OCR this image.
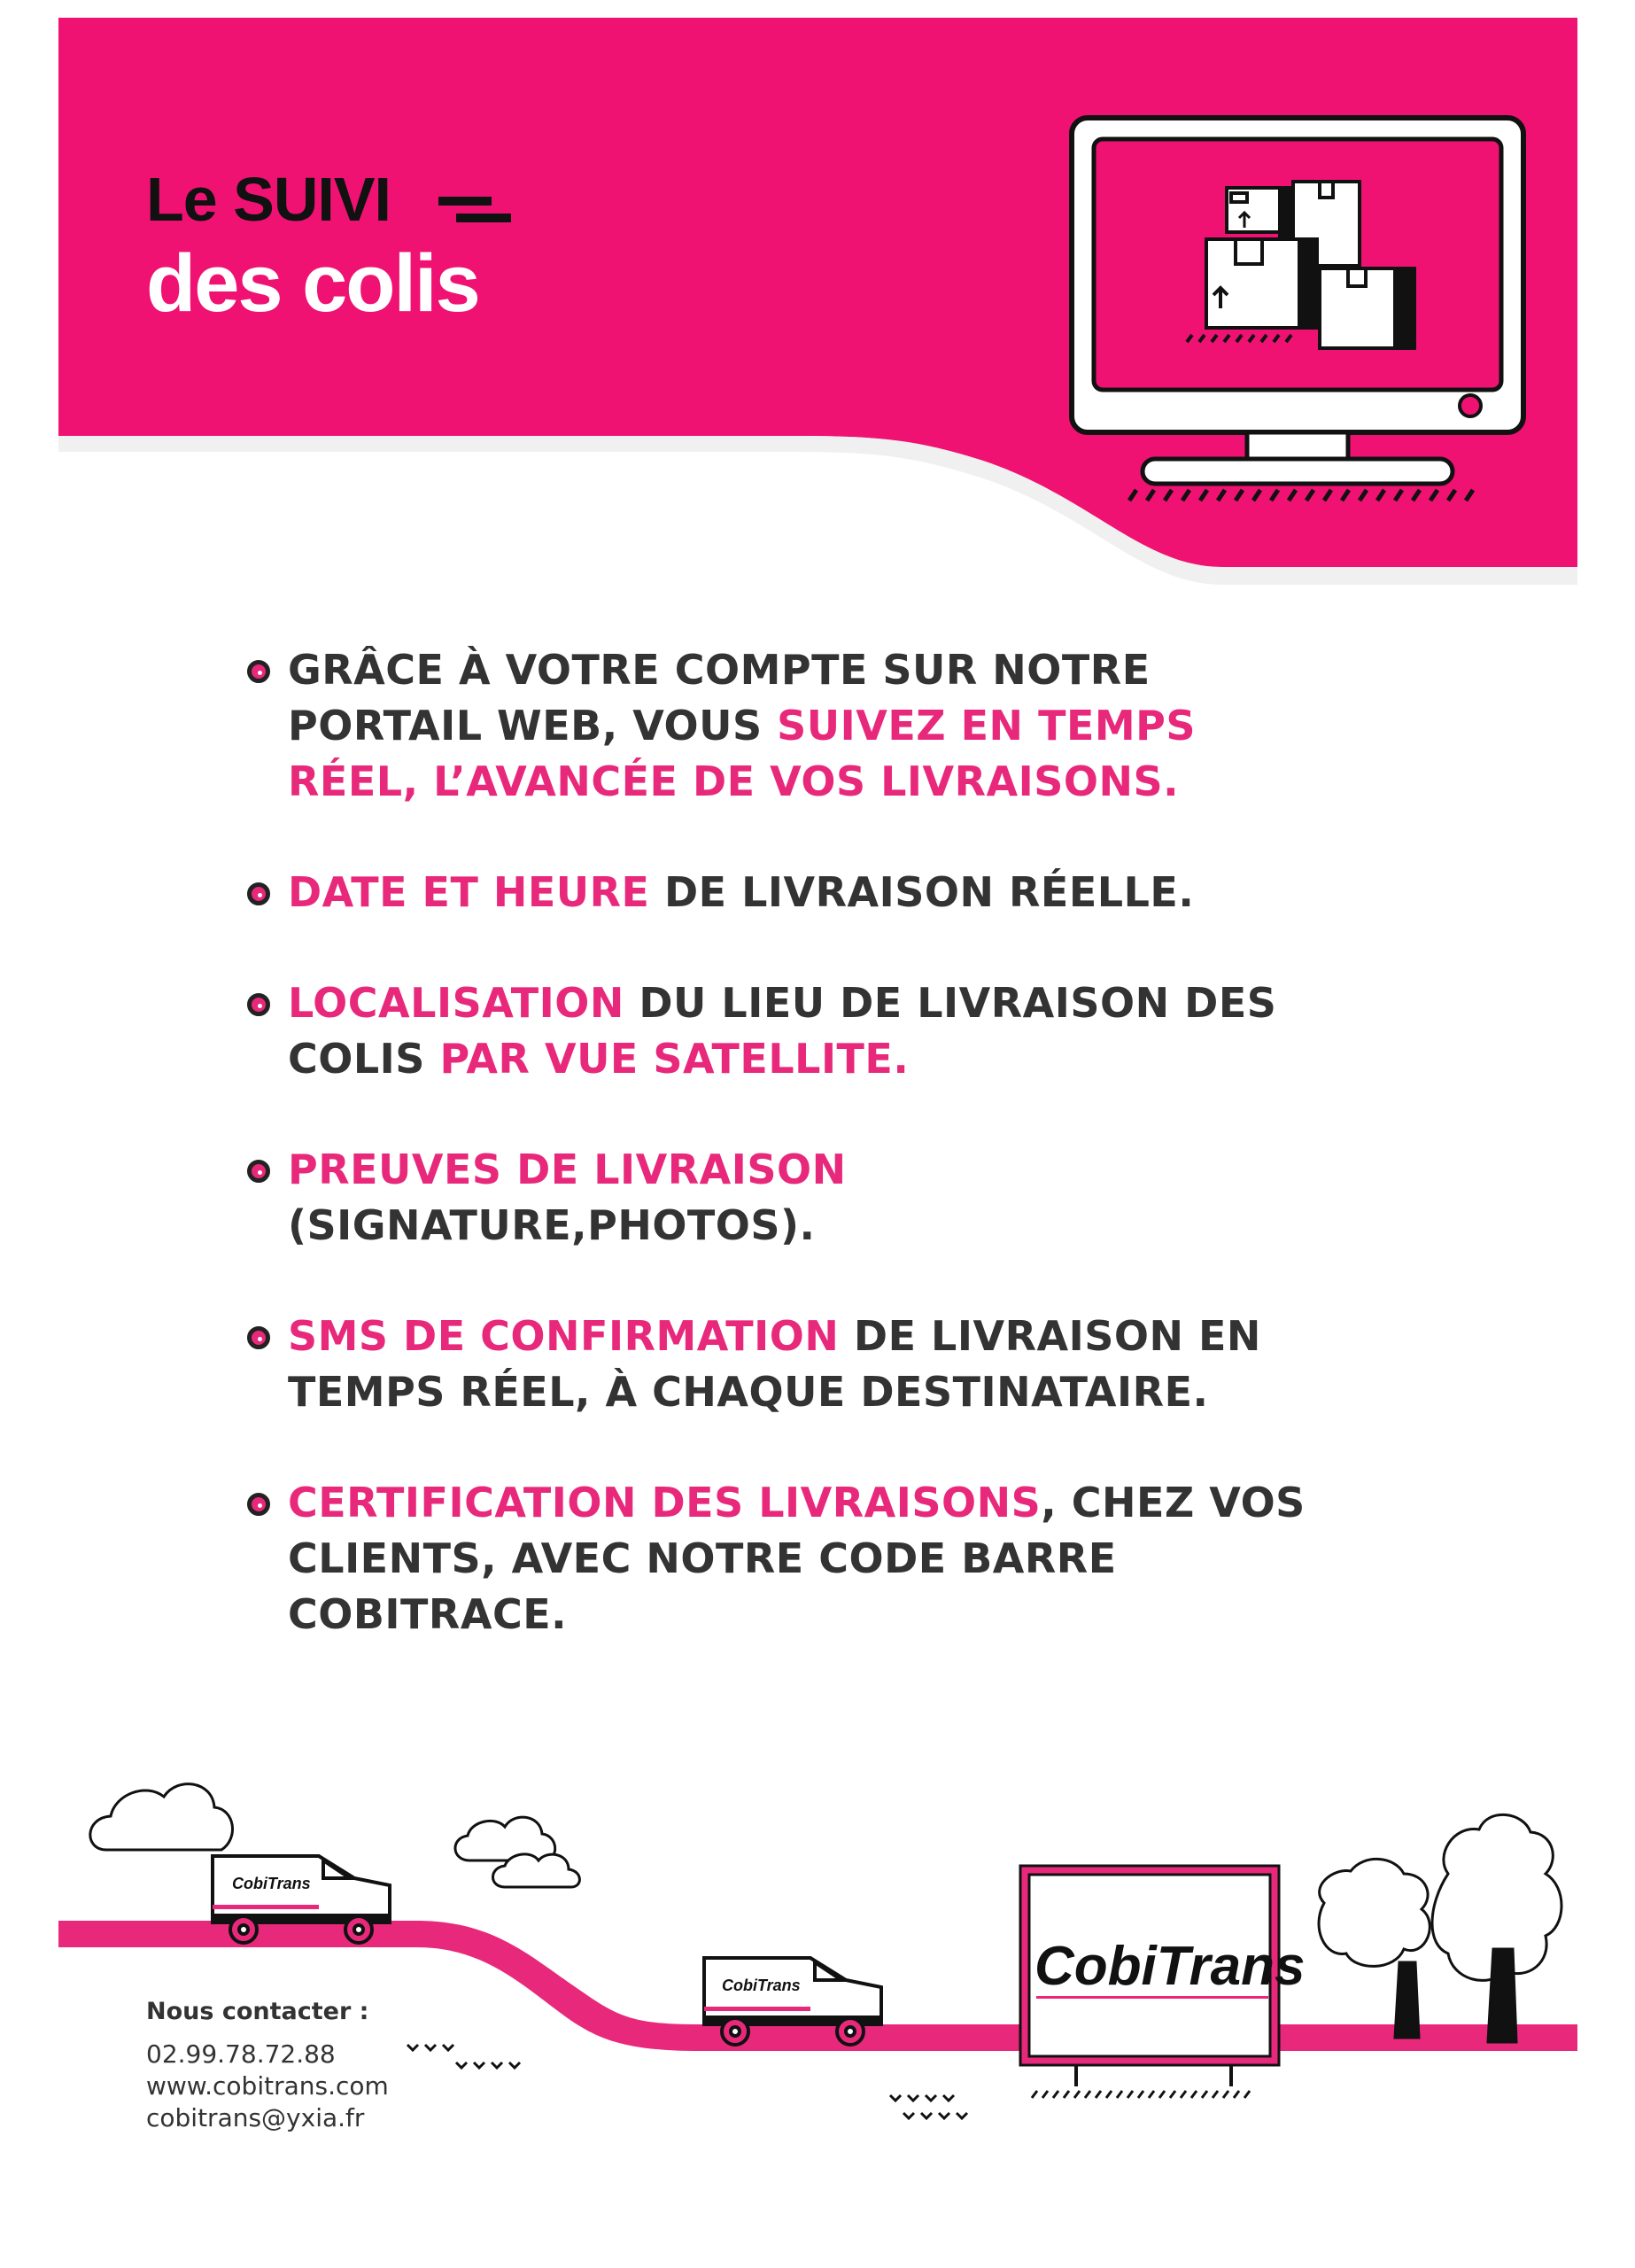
Le SUIVI
des colis
GRÂCE À VOTRE COMPTE SUR NOTRE PORTAIL WEB, VOUS SUIVEZ EN TEMPS RÉEL, L’AVANCÉE DE VOS LIVRAISONS.
DATE ET HEURE DE LIVRAISON RÉELLE.
LOCALISATION DU LIEU DE LIVRAISON DES COLIS PAR VUE SATELLITE.
PREUVES DE LIVRAISON (SIGNATURE,PHOTOS).
SMS DE CONFIRMATION DE LIVRAISON EN TEMPS RÉEL, À CHAQUE DESTINATAIRE.
CERTIFICATION DES LIVRAISONS, CHEZ VOS CLIENTS, AVEC NOTRE CODE BARRE COBITRACE.
CobiTrans
CobiTrans	CobiTrans
Nous contacter :
02.99.78.72.88
www.cobitrans.com
cobitrans@yxia.fr
